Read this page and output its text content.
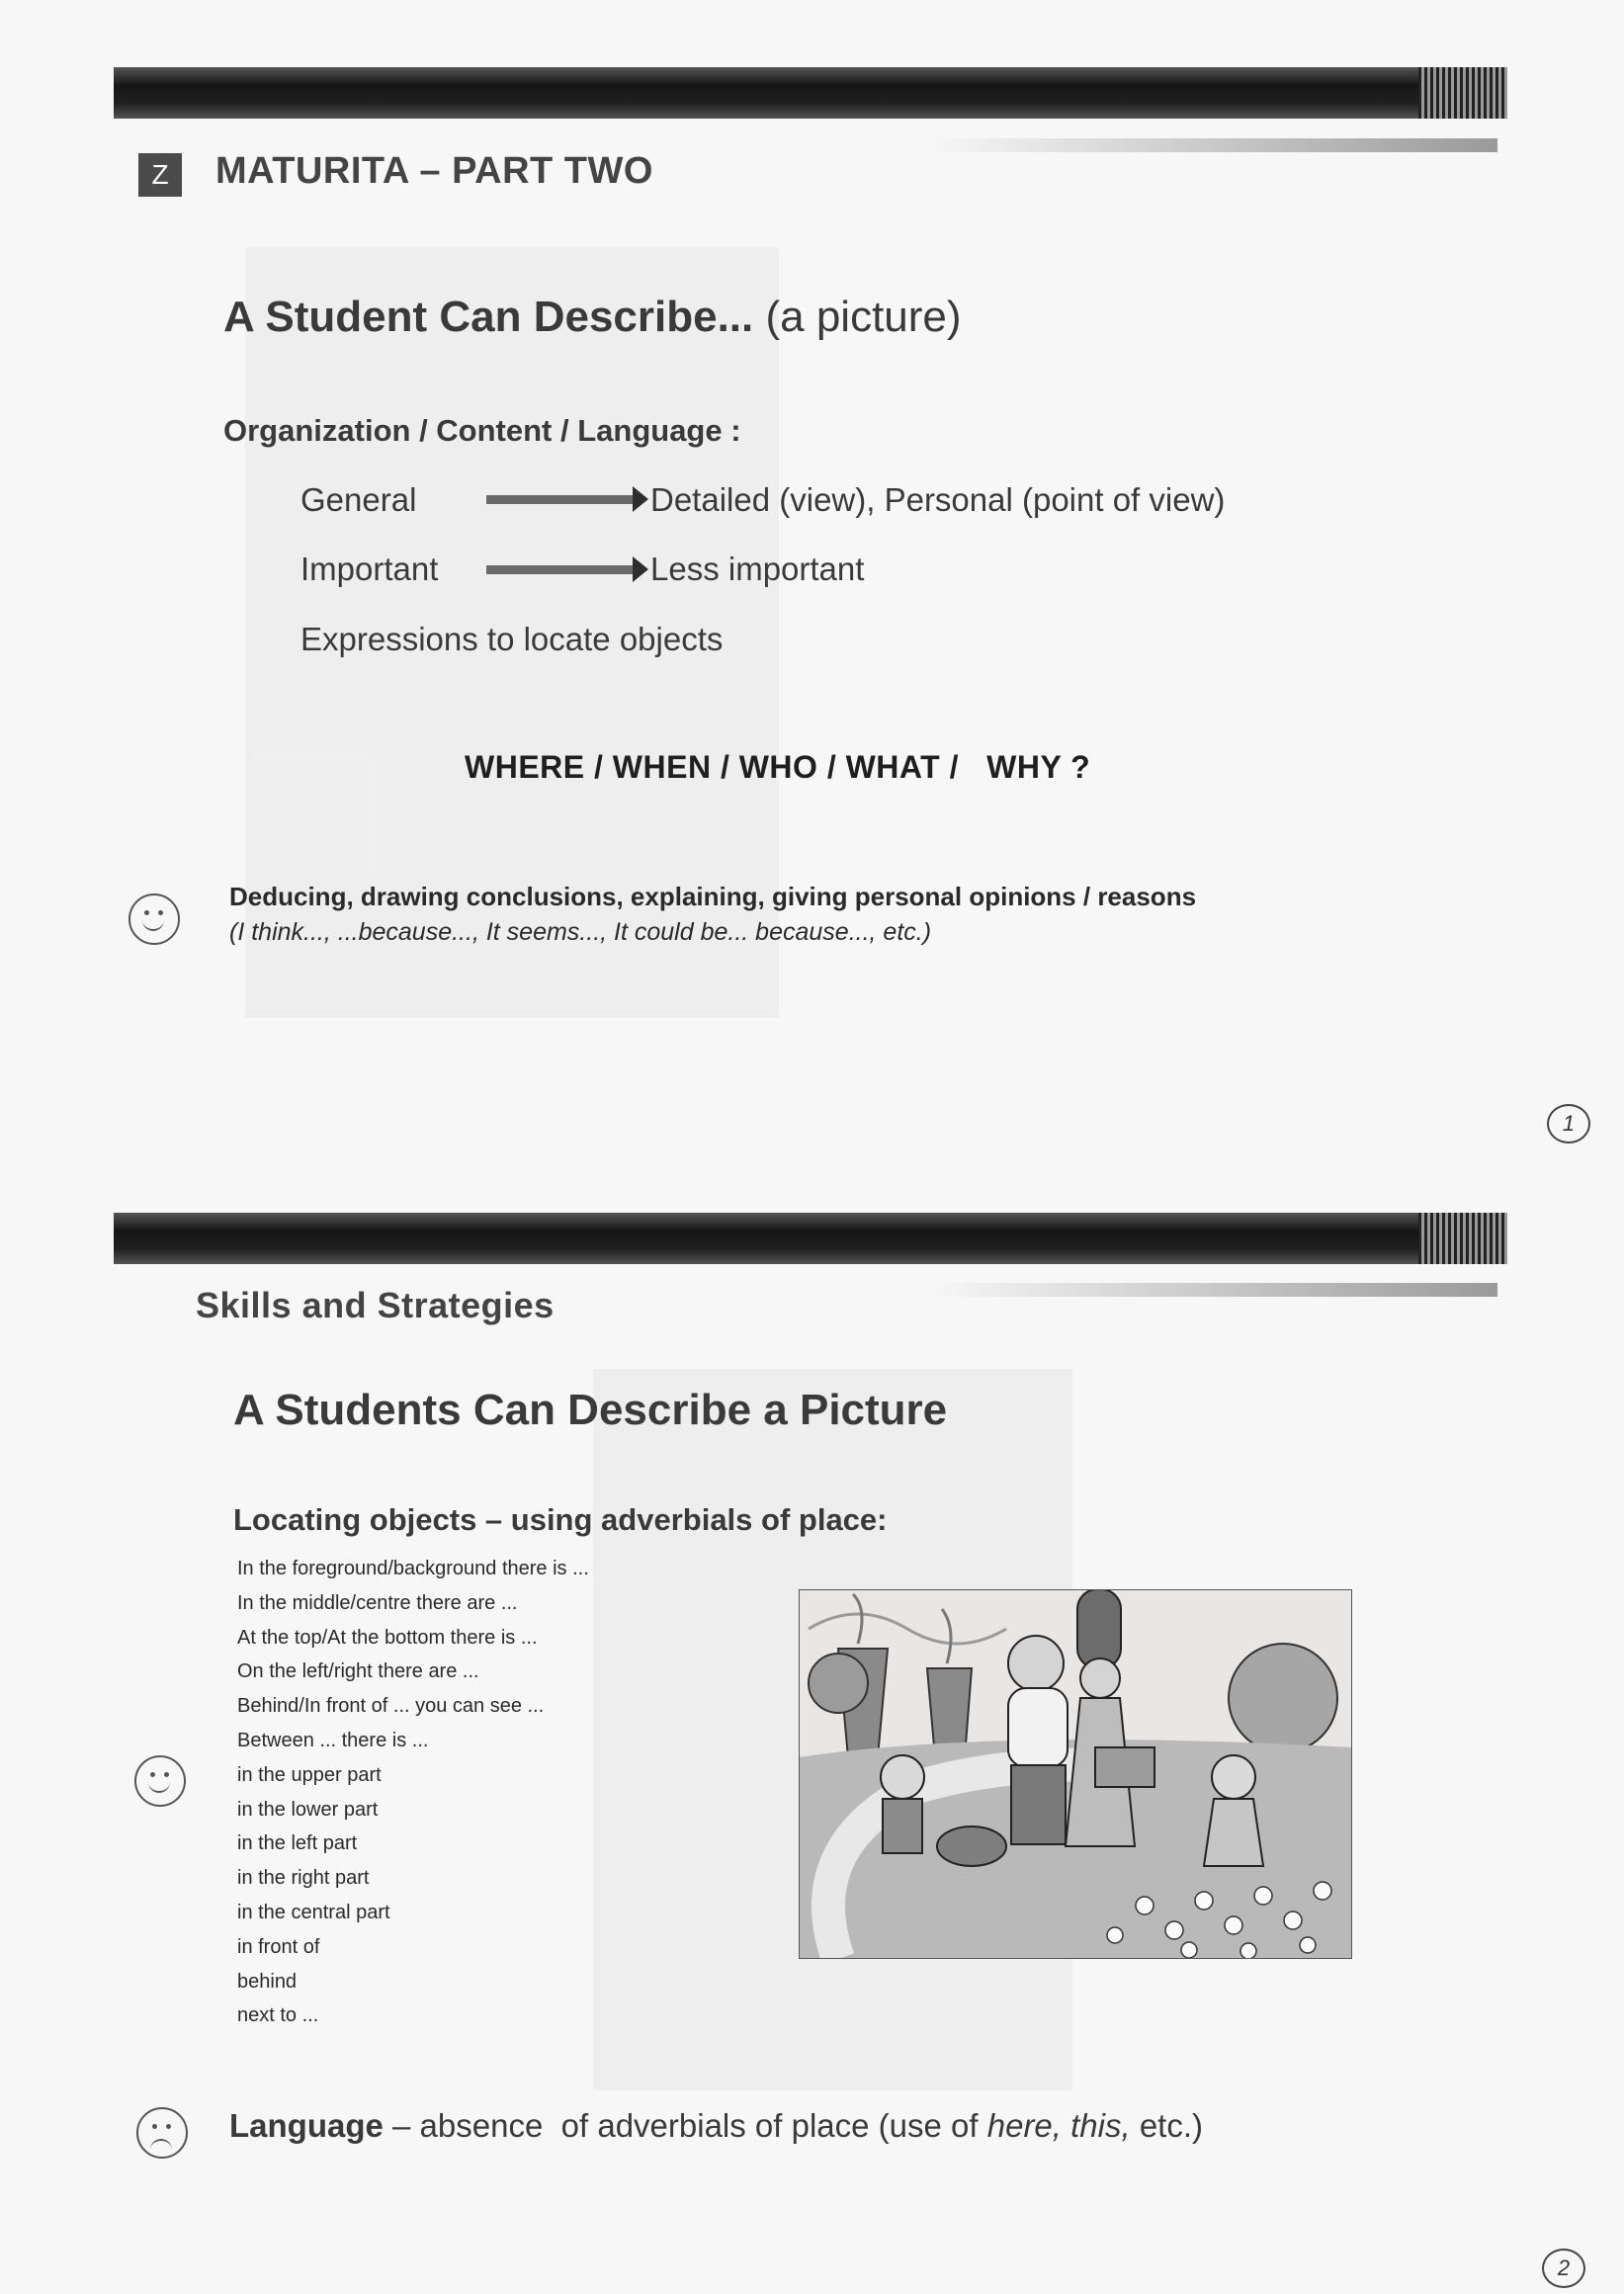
Z	MATURITA – PART TWO
A Student Can Describe... (a picture)
Organization / Content / Language :
General	Detailed (view), Personal (point of view)
Important	Less important
Expressions to locate objects
WHERE / WHEN / WHO / WHAT /   WHY ?
Deducing, drawing conclusions, explaining, giving personal opinions / reasons
(I think..., ...because..., It seems..., It could be... because..., etc.)
1
Skills and Strategies
A Students Can Describe a Picture
Locating objects – using adverbials of place:
In the foreground/background there is ...
In the middle/centre there are ...
At the top/At the bottom there is ...
On the left/right there are ...
Behind/In front of ... you can see ...
Between ... there is ...
in the upper part
in the lower part
in the left part
in the right part
in the central part
in front of
behind
next to ...
Language – absence  of adverbials of place (use of here, this, etc.)
2
